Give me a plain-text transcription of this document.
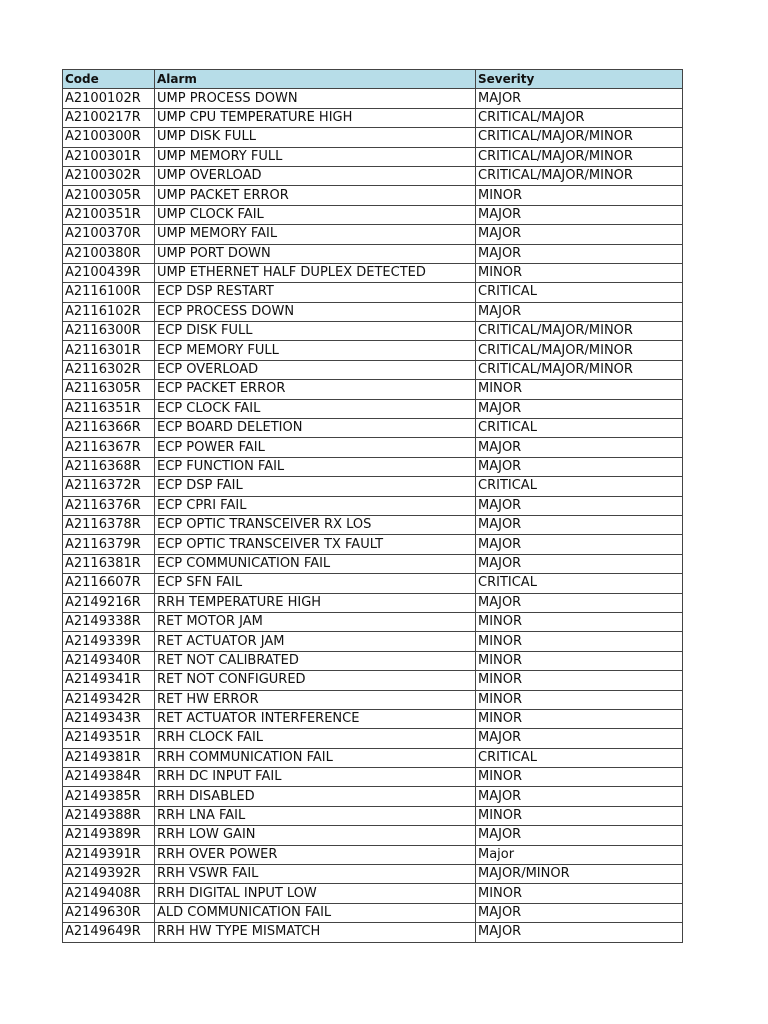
Code	Alarm	Severity
A2100102R	UMP PROCESS DOWN	MAJOR
A2100217R	UMP CPU TEMPERATURE HIGH	CRITICAL/MAJOR
A2100300R	UMP DISK FULL	CRITICAL/MAJOR/MINOR
A2100301R	UMP MEMORY FULL	CRITICAL/MAJOR/MINOR
A2100302R	UMP OVERLOAD	CRITICAL/MAJOR/MINOR
A2100305R	UMP PACKET ERROR	MINOR
A2100351R	UMP CLOCK FAIL	MAJOR
A2100370R	UMP MEMORY FAIL	MAJOR
A2100380R	UMP PORT DOWN	MAJOR
A2100439R	UMP ETHERNET HALF DUPLEX DETECTED	MINOR
A2116100R	ECP DSP RESTART	CRITICAL
A2116102R	ECP PROCESS DOWN	MAJOR
A2116300R	ECP DISK FULL	CRITICAL/MAJOR/MINOR
A2116301R	ECP MEMORY FULL	CRITICAL/MAJOR/MINOR
A2116302R	ECP OVERLOAD	CRITICAL/MAJOR/MINOR
A2116305R	ECP PACKET ERROR	MINOR
A2116351R	ECP CLOCK FAIL	MAJOR
A2116366R	ECP BOARD DELETION	CRITICAL
A2116367R	ECP POWER FAIL	MAJOR
A2116368R	ECP FUNCTION FAIL	MAJOR
A2116372R	ECP DSP FAIL	CRITICAL
A2116376R	ECP CPRI FAIL	MAJOR
A2116378R	ECP OPTIC TRANSCEIVER RX LOS	MAJOR
A2116379R	ECP OPTIC TRANSCEIVER TX FAULT	MAJOR
A2116381R	ECP COMMUNICATION FAIL	MAJOR
A2116607R	ECP SFN FAIL	CRITICAL
A2149216R	RRH TEMPERATURE HIGH	MAJOR
A2149338R	RET MOTOR JAM	MINOR
A2149339R	RET ACTUATOR JAM	MINOR
A2149340R	RET NOT CALIBRATED	MINOR
A2149341R	RET NOT CONFIGURED	MINOR
A2149342R	RET HW ERROR	MINOR
A2149343R	RET ACTUATOR INTERFERENCE	MINOR
A2149351R	RRH CLOCK FAIL	MAJOR
A2149381R	RRH COMMUNICATION FAIL	CRITICAL
A2149384R	RRH DC INPUT FAIL	MINOR
A2149385R	RRH DISABLED	MAJOR
A2149388R	RRH LNA FAIL	MINOR
A2149389R	RRH LOW GAIN	MAJOR
A2149391R	RRH OVER POWER	Major
A2149392R	RRH VSWR FAIL	MAJOR/MINOR
A2149408R	RRH DIGITAL INPUT LOW	MINOR
A2149630R	ALD COMMUNICATION FAIL	MAJOR
A2149649R	RRH HW TYPE MISMATCH	MAJOR
